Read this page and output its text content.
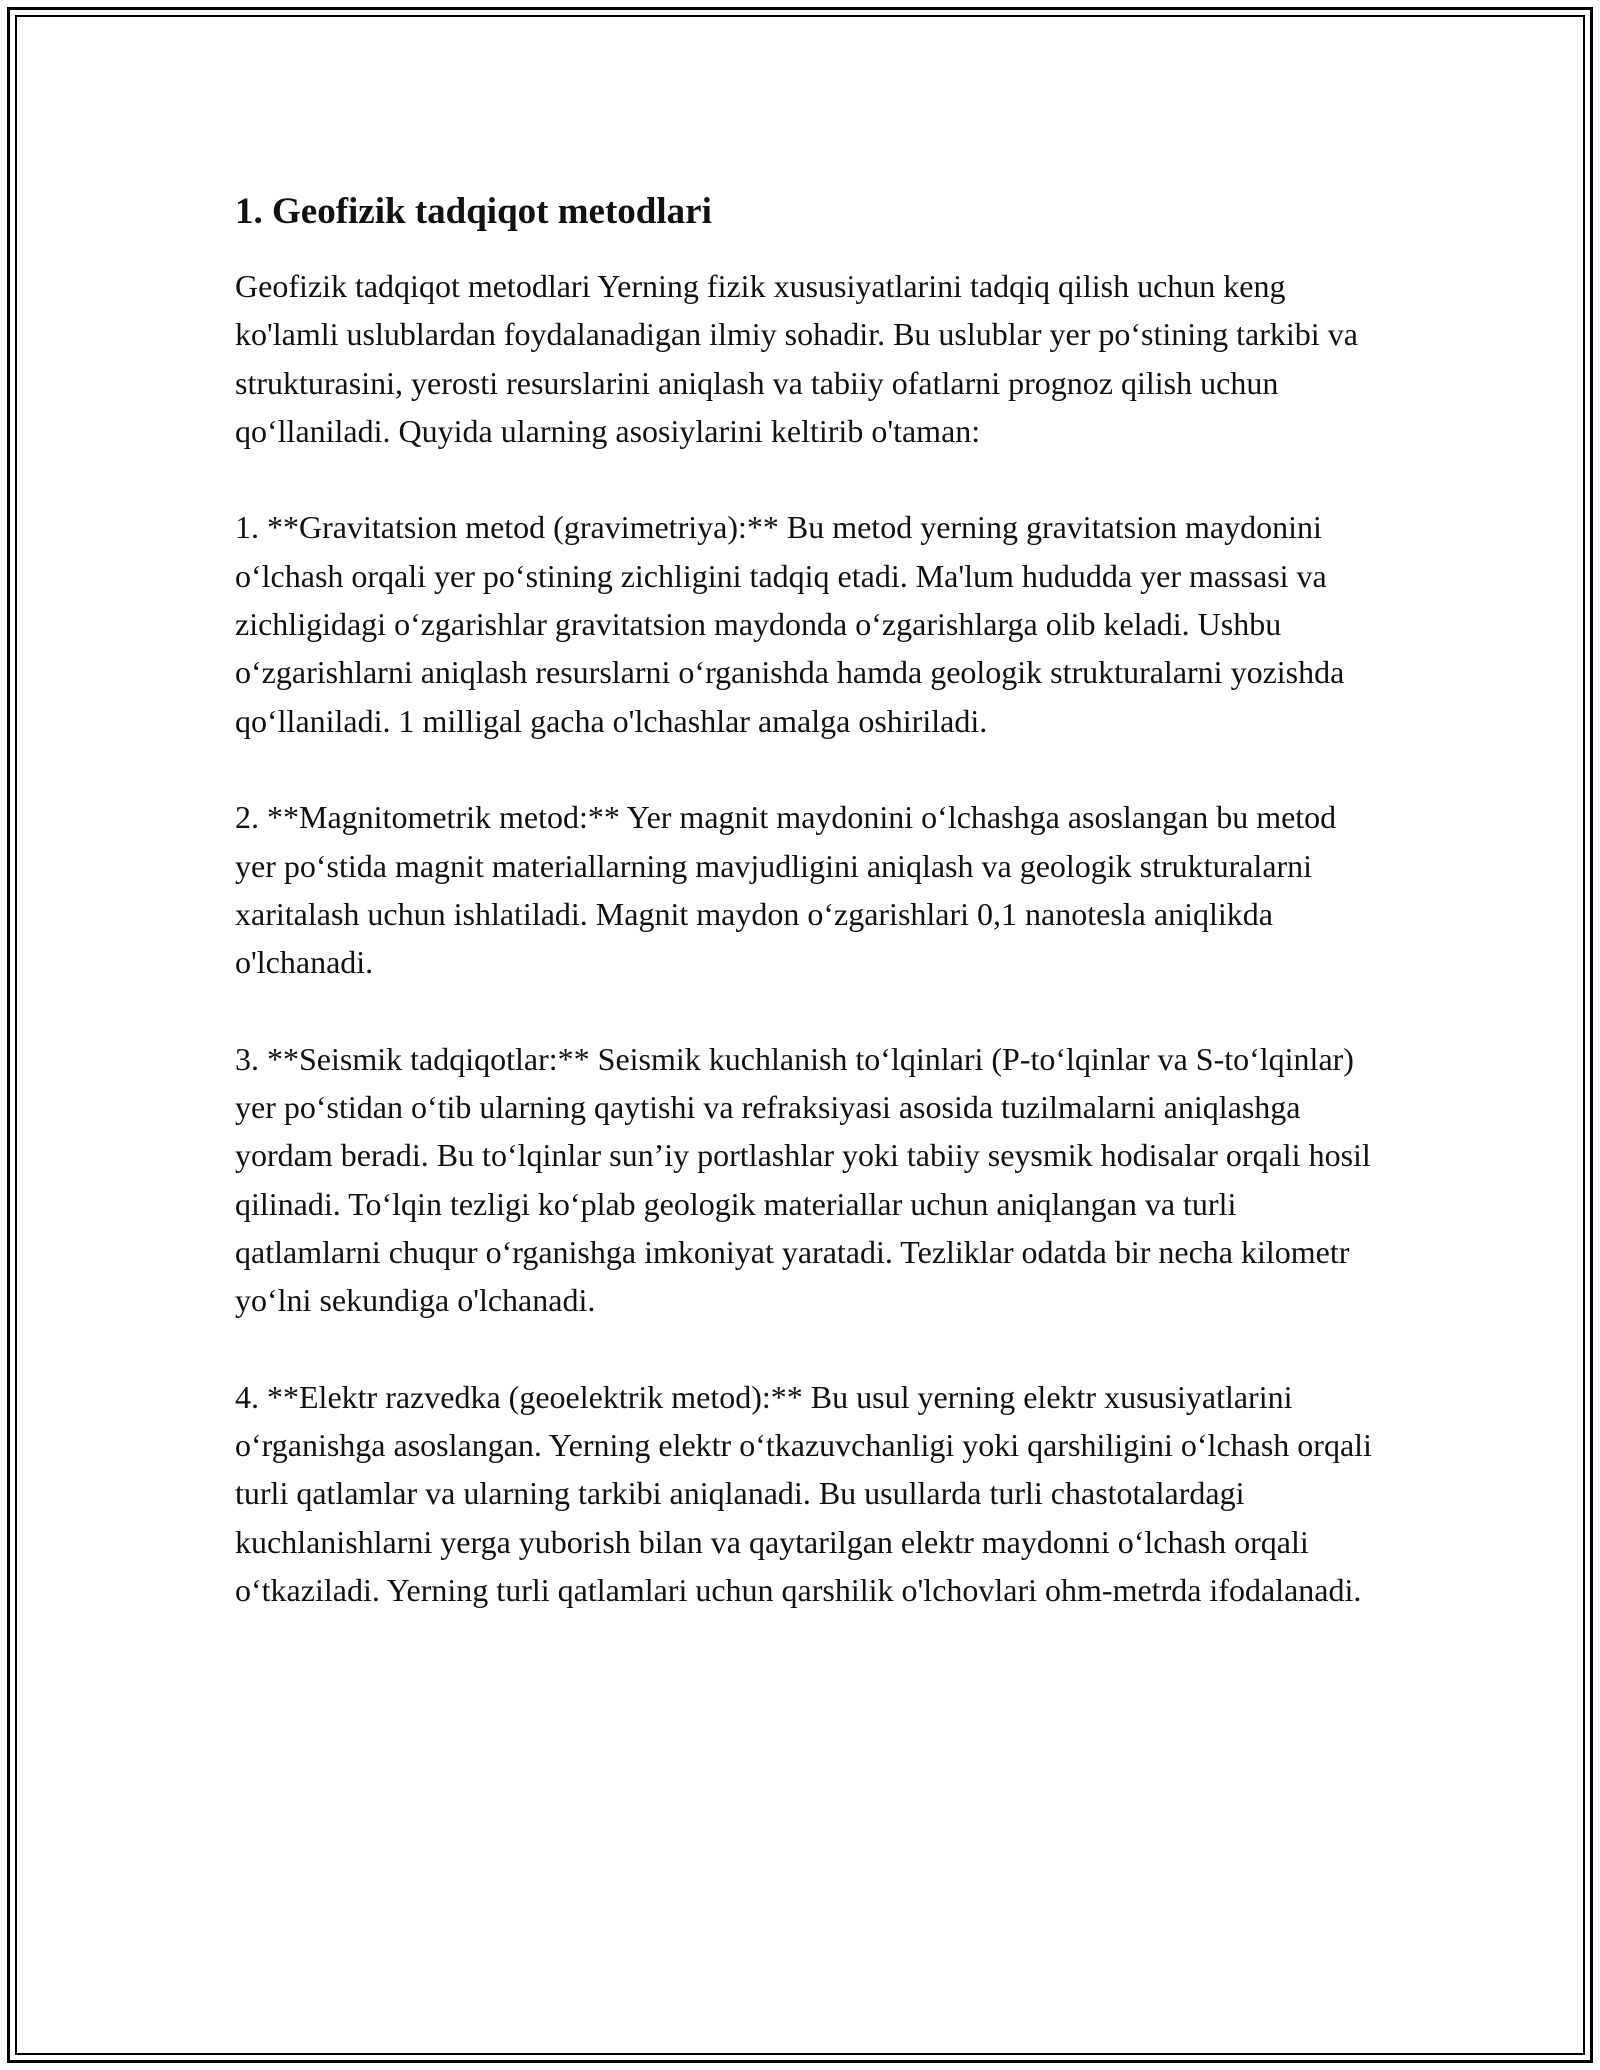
1. Geofizik tadqiqot metodlari

Geofizik tadqiqot metodlari Yerning fizik xususiyatlarini tadqiq qilish uchun keng ko'lamli uslublardan foydalanadigan ilmiy sohadir. Bu uslublar yer po‘stining tarkibi va strukturasini, yerosti resurslarini aniqlash va tabiiy ofatlarni prognoz qilish uchun qo‘llaniladi. Quyida ularning asosiylarini keltirib o'taman:

1. **Gravitatsion metod (gravimetriya):** Bu metod yerning gravitatsion maydonini o‘lchash orqali yer po‘stining zichligini tadqiq etadi. Ma'lum hududda yer massasi va zichligidagi o‘zgarishlar gravitatsion maydonda o‘zgarishlarga olib keladi. Ushbu o‘zgarishlarni aniqlash resurslarni o‘rganishda hamda geologik strukturalarni yozishda qo‘llaniladi. 1 milligal gacha o'lchashlar amalga oshiriladi.

2. **Magnitometrik metod:** Yer magnit maydonini o‘lchashga asoslangan bu metod yer po‘stida magnit materiallarning mavjudligini aniqlash va geologik strukturalarni xaritalash uchun ishlatiladi. Magnit maydon o‘zgarishlari 0,1 nanotesla aniqlikda o'lchanadi.

3. **Seismik tadqiqotlar:** Seismik kuchlanish to‘lqinlari (P-to‘lqinlar va S-to‘lqinlar) yer po‘stidan o‘tib ularning qaytishi va refraksiyasi asosida tuzilmalarni aniqlashga yordam beradi. Bu to‘lqinlar sun’iy portlashlar yoki tabiiy seysmik hodisalar orqali hosil qilinadi. To‘lqin tezligi ko‘plab geologik materiallar uchun aniqlangan va turli qatlamlarni chuqur o‘rganishga imkoniyat yaratadi. Tezliklar odatda bir necha kilometr yo‘lni sekundiga o'lchanadi.

4. **Elektr razvedka (geoelektrik metod):** Bu usul yerning elektr xususiyatlarini o‘rganishga asoslangan. Yerning elektr o‘tkazuvchanligi yoki qarshiligini o‘lchash orqali turli qatlamlar va ularning tarkibi aniqlanadi. Bu usullarda turli chastotalardagi kuchlanishlarni yerga yuborish bilan va qaytarilgan elektr maydonni o‘lchash orqali o‘tkaziladi. Yerning turli qatlamlari uchun qarshilik o'lchovlari ohm-metrda ifodalanadi.
